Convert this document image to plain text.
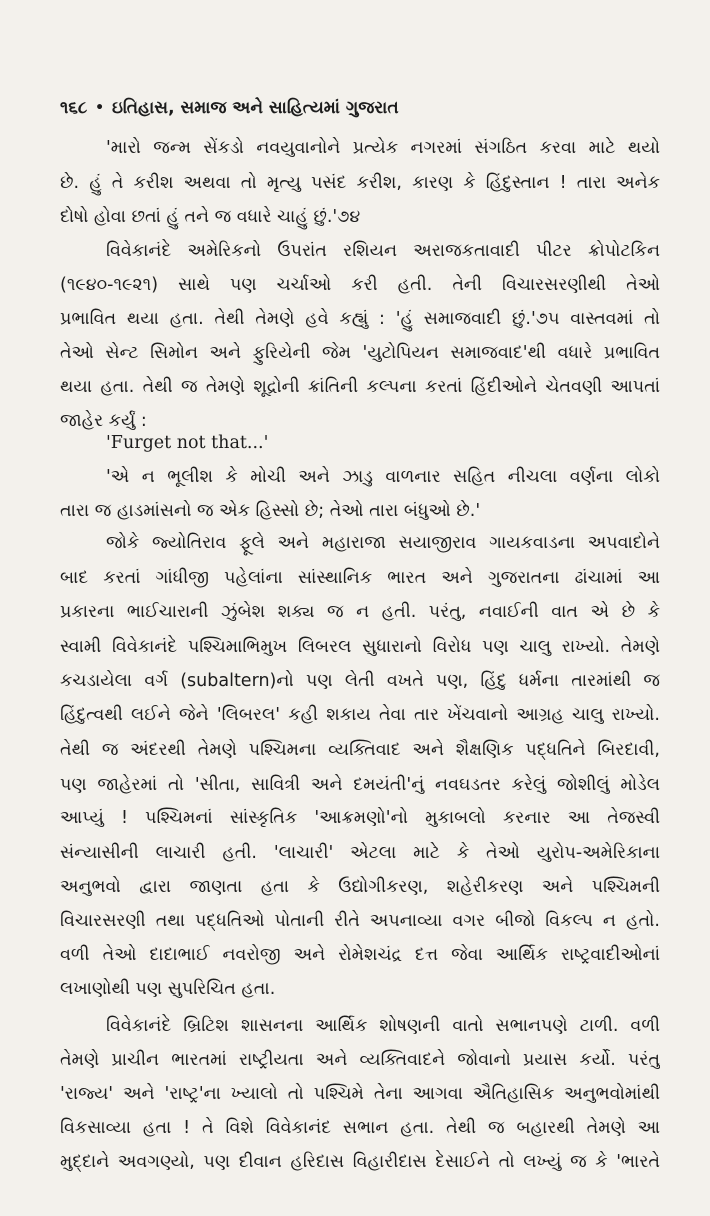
૧૬૮ • ઇતિહાસ, સમાજ અને સાહિત્યમાં ગુજરાત
'મારો જન્મ સેંકડો નવયુવાનોને પ્રત્યેક નગરમાં સંગઠિત કરવા માટે થયો
છે. હું તે કરીશ અથવા તો મૃત્યુ પસંદ કરીશ, કારણ કે હિંદુસ્તાન ! તારા અનેક
દોષો હોવા છતાં હું તને જ વધારે ચાહું છું.'૭૪
વિવેકાનંદે અમેરિકનો ઉપરાંત રશિયન અરાજકતાવાદી પીટર ક્રોપોટકિન
(૧૯૪૦-૧૯૨૧) સાથે પણ ચર્ચાઓ કરી હતી. તેની વિચારસરણીથી તેઓ
પ્રભાવિત થયા હતા. તેથી તેમણે હવે કહ્યું : 'હું સમાજવાદી છું.'૭૫ વાસ્તવમાં તો
તેઓ સેન્ટ સિમોન અને ફુરિયેની જેમ 'યુટોપિયન સમાજવાદ'થી વધારે પ્રભાવિત
થયા હતા. તેથી જ તેમણે શૂદ્રોની ક્રાંતિની કલ્પના કરતાં હિંદીઓને ચેતવણી આપતાં
જાહેર કર્યું :
'Furget not that...'
'એ ન ભૂલીશ કે મોચી અને ઝાડુ વાળનાર સહિત નીચલા વર્ણના લોકો
તારા જ હાડમાંસનો જ એક હિસ્સો છે; તેઓ તારા બંધુઓ છે.'
જોકે જ્યોતિરાવ ફૂલે અને મહારાજા સયાજીરાવ ગાયકવાડના અપવાદોને
બાદ કરતાં ગાંધીજી પહેલાંના સાંસ્થાનિક ભારત અને ગુજરાતના ઢાંચામાં આ
પ્રકારના ભાઈચારાની ઝુંબેશ શક્ય જ ન હતી. પરંતુ, નવાઈની વાત એ છે કે
સ્વામી વિવેકાનંદે પશ્ચિમાભિમુખ લિબરલ સુધારાનો વિરોધ પણ ચાલુ રાખ્યો. તેમણે
કચડાયેલા વર્ગ (subaltern)નો પણ લેતી વખતે પણ, હિંદુ ધર્મના તારમાંથી જ
હિંદુત્વથી લઈને જેને 'લિબરલ' કહી શકાય તેવા તાર ખેંચવાનો આગ્રહ ચાલુ રાખ્યો.
તેથી જ અંદરથી તેમણે પશ્ચિમના વ્યક્તિવાદ અને શૈક્ષણિક પદ્ધતિને બિરદાવી,
પણ જાહેરમાં તો 'સીતા, સાવિત્રી અને દમયંતી'નું નવઘડતર કરેલું જોશીલું મોડેલ
આપ્યું ! પશ્ચિમનાં સાંસ્કૃતિક 'આક્રમણો'નો મુકાબલો કરનાર આ તેજસ્વી
સંન્યાસીની લાચારી હતી. 'લાચારી' એટલા માટે કે તેઓ યુરોપ-અમેરિકાના
અનુભવો દ્વારા જાણતા હતા કે ઉદ્યોગીકરણ, શહેરીકરણ અને પશ્ચિમની
વિચારસરણી તથા પદ્ધતિઓ પોતાની રીતે અપનાવ્યા વગર બીજો વિકલ્પ ન હતો.
વળી તેઓ દાદાભાઈ નવરોજી અને રોમેશચંદ્ર દત્ત જેવા આર્થિક રાષ્ટ્રવાદીઓનાં
લખાણોથી પણ સુપરિચિત હતા.
વિવેકાનંદે બ્રિટિશ શાસનના આર્થિક શોષણની વાતો સભાનપણે ટાળી. વળી
તેમણે પ્રાચીન ભારતમાં રાષ્ટ્રીયતા અને વ્યક્તિવાદને જોવાનો પ્રયાસ કર્યો. પરંતુ
'રાજ્ય' અને 'રાષ્ટ્ર'ના ખ્યાલો તો પશ્ચિમે તેના આગવા ઐતિહાસિક અનુભવોમાંથી
વિકસાવ્યા હતા ! તે વિશે વિવેકાનંદ સભાન હતા. તેથી જ બહારથી તેમણે આ
મુદ્દાને અવગણ્યો, પણ દીવાન હરિદાસ વિહારીદાસ દેસાઈને તો લખ્યું જ કે 'ભારતે
